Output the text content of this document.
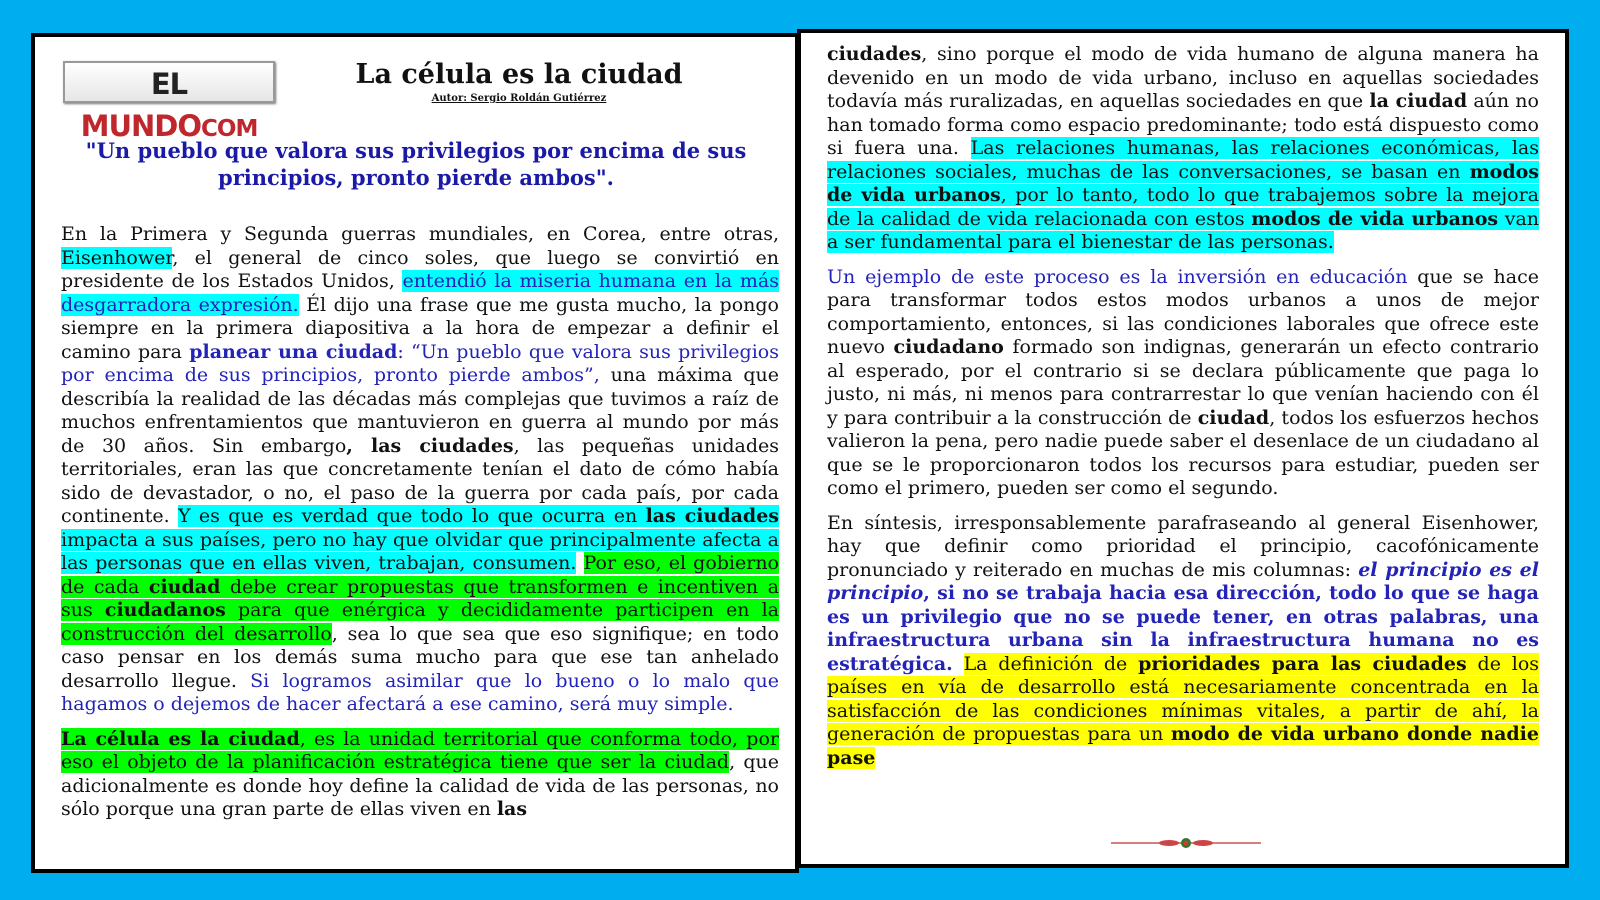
EL MUNDOCOM
La célula es la ciudad
Autor: Sergio Roldán Gutiérrez
"Un pueblo que valora sus privilegios por encima de sus principios, pronto pierde ambos".

En la Primera y Segunda guerras mundiales, en Corea, entre otras, Eisenhower, el general de cinco soles, que luego se convirtió en presidente de los Estados Unidos, entendió la miseria humana en la más desgarradora expresión. Él dijo una frase que me gusta mucho, la pongo siempre en la primera diapositiva a la hora de empezar a definir el camino para planear una ciudad: “Un pueblo que valora sus privilegios por encima de sus principios, pronto pierde ambos”, una máxima que describía la realidad de las décadas más complejas que tuvimos a raíz de muchos enfrentamientos que mantuvieron en guerra al mundo por más de 30 años. Sin embargo, las ciudades, las pequeñas unidades territoriales, eran las que concretamente tenían el dato de cómo había sido de devastador, o no, el paso de la guerra por cada país, por cada continente. Y es que es verdad que todo lo que ocurra en las ciudades impacta a sus países, pero no hay que olvidar que principalmente afecta a las personas que en ellas viven, trabajan, consumen. Por eso, el gobierno de cada ciudad debe crear propuestas que transformen e incentiven a sus ciudadanos para que enérgica y decididamente participen en la construcción del desarrollo, sea lo que sea que eso signifique; en todo caso pensar en los demás suma mucho para que ese tan anhelado desarrollo llegue. Si logramos asimilar que lo bueno o lo malo que hagamos o dejemos de hacer afectará a ese camino, será muy simple.

La célula es la ciudad, es la unidad territorial que conforma todo, por eso el objeto de la planificación estratégica tiene que ser la ciudad, que adicionalmente es donde hoy define la calidad de vida de las personas, no sólo porque una gran parte de ellas viven en las

ciudades, sino porque el modo de vida humano de alguna manera ha devenido en un modo de vida urbano, incluso en aquellas sociedades todavía más ruralizadas, en aquellas sociedades en que la ciudad aún no han tomado forma como espacio predominante; todo está dispuesto como si fuera una. Las relaciones humanas, las relaciones económicas, las relaciones sociales, muchas de las conversaciones, se basan en modos de vida urbanos, por lo tanto, todo lo que trabajemos sobre la mejora de la calidad de vida relacionada con estos modos de vida urbanos van a ser fundamental para el bienestar de las personas.

Un ejemplo de este proceso es la inversión en educación que se hace para transformar todos estos modos urbanos a unos de mejor comportamiento, entonces, si las condiciones laborales que ofrece este nuevo ciudadano formado son indignas, generarán un efecto contrario al esperado, por el contrario si se declara públicamente que paga lo justo, ni más, ni menos para contrarrestar lo que venían haciendo con él y para contribuir a la construcción de ciudad, todos los esfuerzos hechos valieron la pena, pero nadie puede saber el desenlace de un ciudadano al que se le proporcionaron todos los recursos para estudiar, pueden ser como el primero, pueden ser como el segundo.

En síntesis, irresponsablemente parafraseando al general Eisenhower, hay que definir como prioridad el principio, cacofónicamente pronunciado y reiterado en muchas de mis columnas: el principio es el principio, si no se trabaja hacia esa dirección, todo lo que se haga es un privilegio que no se puede tener, en otras palabras, una infraestructura urbana sin la infraestructura humana no es estratégica. La definición de prioridades para las ciudades de los países en vía de desarrollo está necesariamente concentrada en la satisfacción de las condiciones mínimas vitales, a partir de ahí, la generación de propuestas para un modo de vida urbano donde nadie pase
